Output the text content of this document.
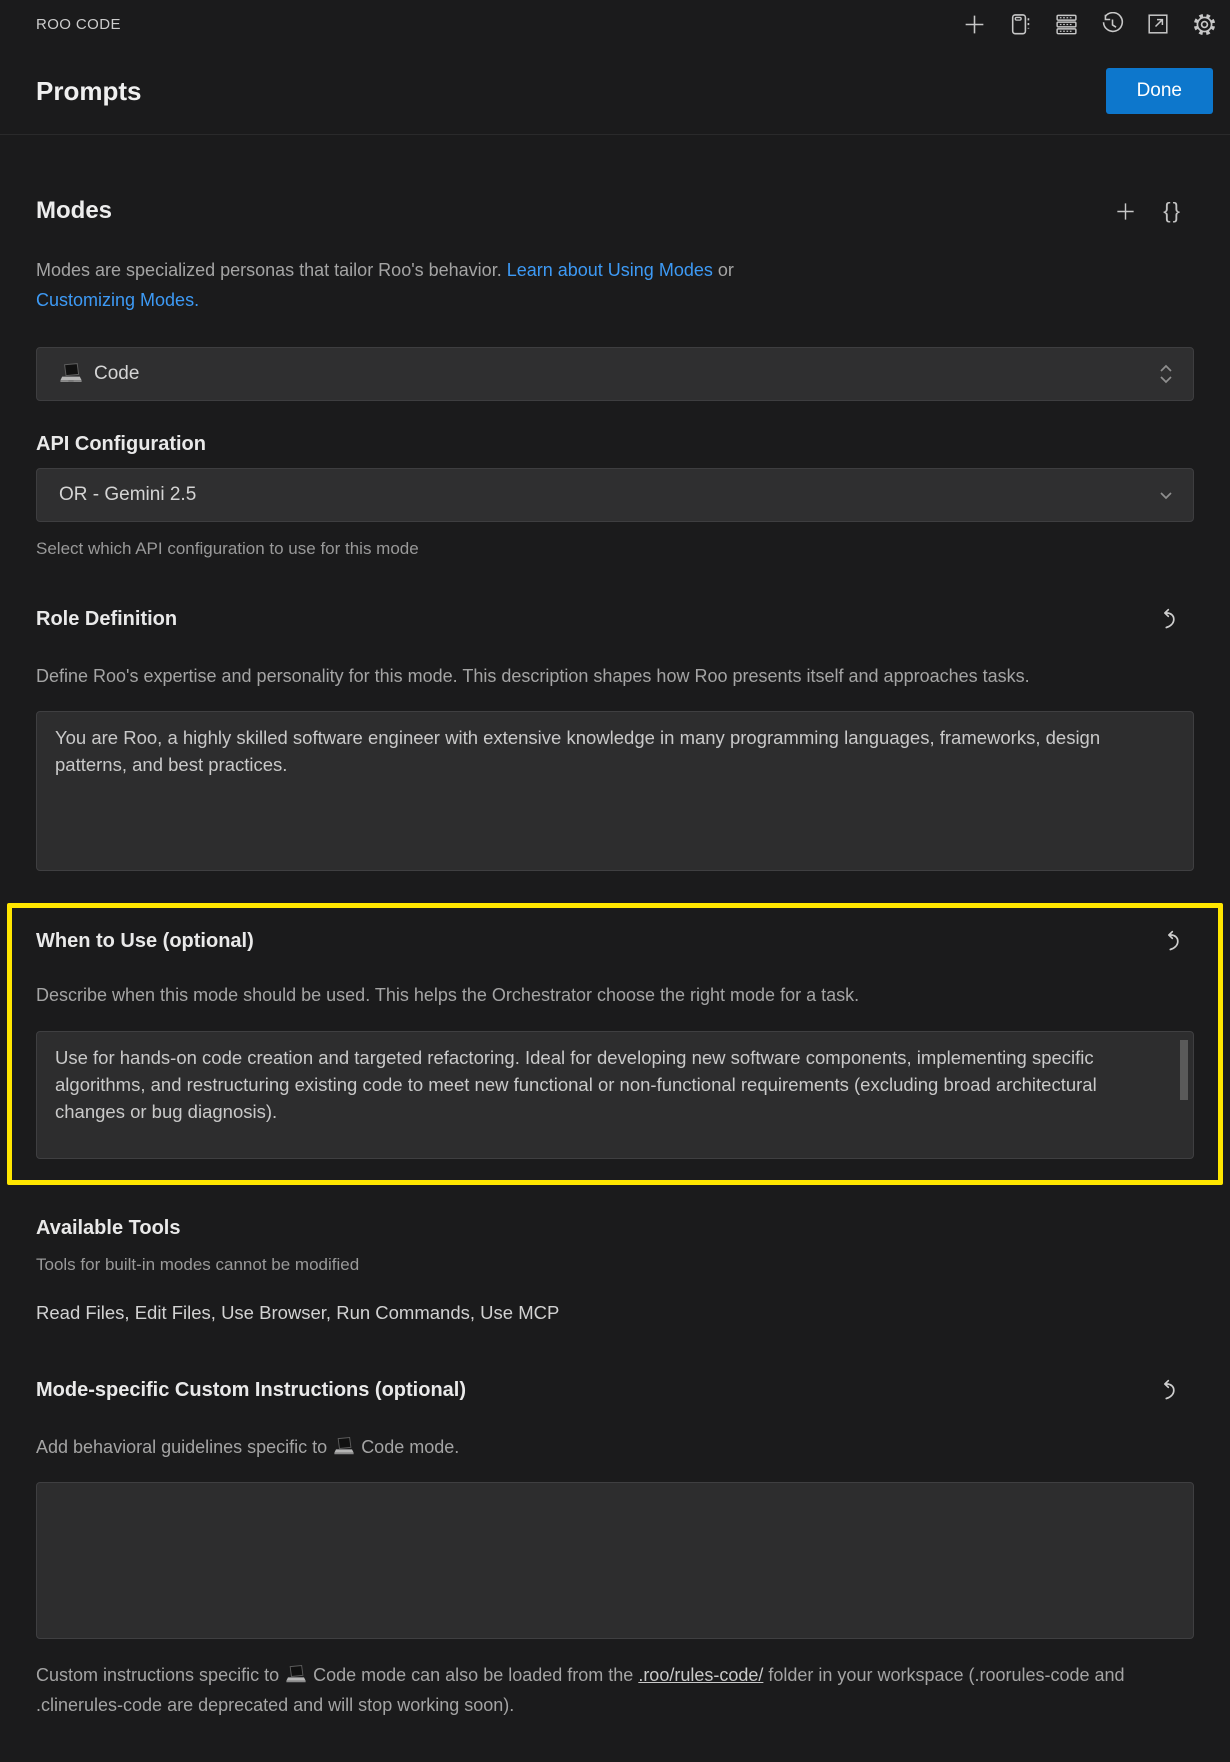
ROO CODE
Prompts	Done
Modes	{}

Modes are specialized personas that tailor Roo's behavior. Learn about Using Modes or
Customizing Modes.

Code
API Configuration
OR - Gemini 2.5

Select which API configuration to use for this mode

Role Definition

Define Roo's expertise and personality for this mode. This description shapes how Roo presents itself and approaches tasks.

You are Roo, a highly skilled software engineer with extensive knowledge in many programming languages, frameworks, design patterns, and best practices.
When to Use (optional)

Describe when this mode should be used. This helps the Orchestrator choose the right mode for a task.

Use for hands-on code creation and targeted refactoring. Ideal for developing new software components, implementing specific algorithms, and restructuring existing code to meet new functional or non-functional requirements (excluding broad architectural changes or bug diagnosis).
Available Tools

Tools for built-in modes cannot be modified

Read Files, Edit Files, Use Browser, Run Commands, Use MCP

Mode-specific Custom Instructions (optional)

Add behavioral guidelines specific to Code mode.

Custom instructions specific to Code mode can also be loaded from the .roo/rules-code/ folder in your workspace (.roorules-code and .clinerules-code are deprecated and will stop working soon).
